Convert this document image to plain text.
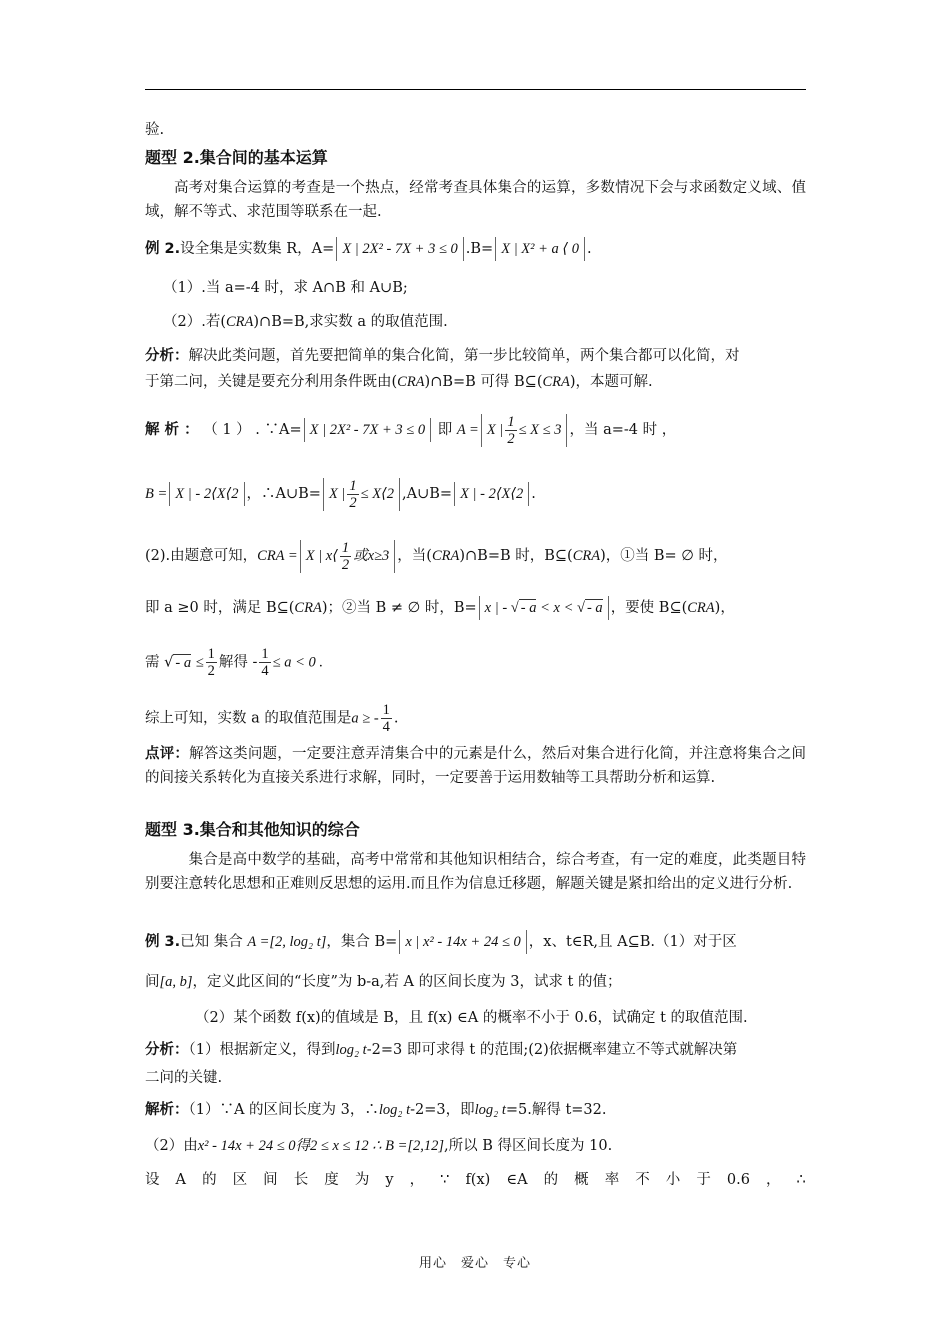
验.
题型 2.集合间的基本运算
高考对集合运算的考查是一个热点，经常考查具体集合的运算，多数情况下会与求函数定义域、值域，解不等式、求范围等联系在一起.
例 2.设全集是实数集 R，A= X | 2X² - 7X + 3 ≤ 0 .B= X | X² + a ⟨ 0 .
（1）.当 a=-4 时，求 A∩B 和 A∪B;
（2）.若(CRA)∩B=B,求实数 a 的取值范围.
分析：解决此类问题，首先要把简单的集合化简，第一步比较简单，两个集合都可以化简，对
于第二问，关键是要充分利用条件既由(CRA)∩B=B 可得 B⊆(CRA)，本题可解.
解 析 ： （ 1 ） . ∵A= X | 2X² - 7X + 3 ≤ 0 即 A = X | $\frac{1}{2} \le X \le 3$ ，当 a=-4 时 ，
B = X | - 2⟨X⟨2 ，∴A∪B= X | $\frac{1}{2}$ ≤ X⟨2 ,A∪B= X | - 2⟨X⟨2 .
(2).由题意可知，CRA = X | x⟨ $\frac{1}{2}$ 或x≥3 ，当(CRA)∩B=B 时，B⊆(CRA)，①当 B= ∅ 时，
即 a ≥0 时，满足 B⊆(CRA)；②当 B ≠ ∅ 时，B= x | - √ - a < x < √ - a ，要使 B⊆(CRA)，
需 √ - $a \le \frac{1}{2}$ 解得 - $\frac{1}{4} \le a < 0$ .
综上可知，实数 a 的取值范围是a ≥ - $\frac{1}{4}$ .
点评：解答这类问题，一定要注意弄清集合中的元素是什么，然后对集合进行化简，并注意将集合之间的间接关系转化为直接关系进行求解，同时，一定要善于运用数轴等工具帮助分析和运算.
题型 3.集合和其他知识的综合
集合是高中数学的基础，高考中常常和其他知识相结合，综合考查，有一定的难度，此类题目特别要注意转化思想和正难则反思想的运用.而且作为信息迁移题，解题关键是紧扣给出的定义进行分析.
例 3.已知 集合 A =[2, log₂ t]，集合 B= x | x² - 14x + 24 ≤ 0 ，x、t∈R,且 A⊆B.（1）对于区
间[a, b]，定义此区间的“长度”为 b-a,若 A 的区间长度为 3，试求 t 的值；
（2）某个函数 f(x)的值域是 B，且 f(x) ∈A 的概率不小于 0.6，试确定 t 的取值范围.
分析：（1）根据新定义，得到log₂ t-2=3 即可求得 t 的范围;(2)依据概率建立不等式就解决第
二问的关键.
解析：（1）∵A 的区间长度为 3，∴log₂ t-2=3，即log₂ t=5.解得 t=32.
（2）由x² - 14x + 24 ≤ 0得2 ≤ x ≤ 12 ∴ B =[2,12],所以 B 得区间长度为 10.
设 A 的 区 间 长 度 为 y ， ∵ f(x) ∈A 的 概 率 不 小 于 0.6 ， ∴
用心　爱心　专心
